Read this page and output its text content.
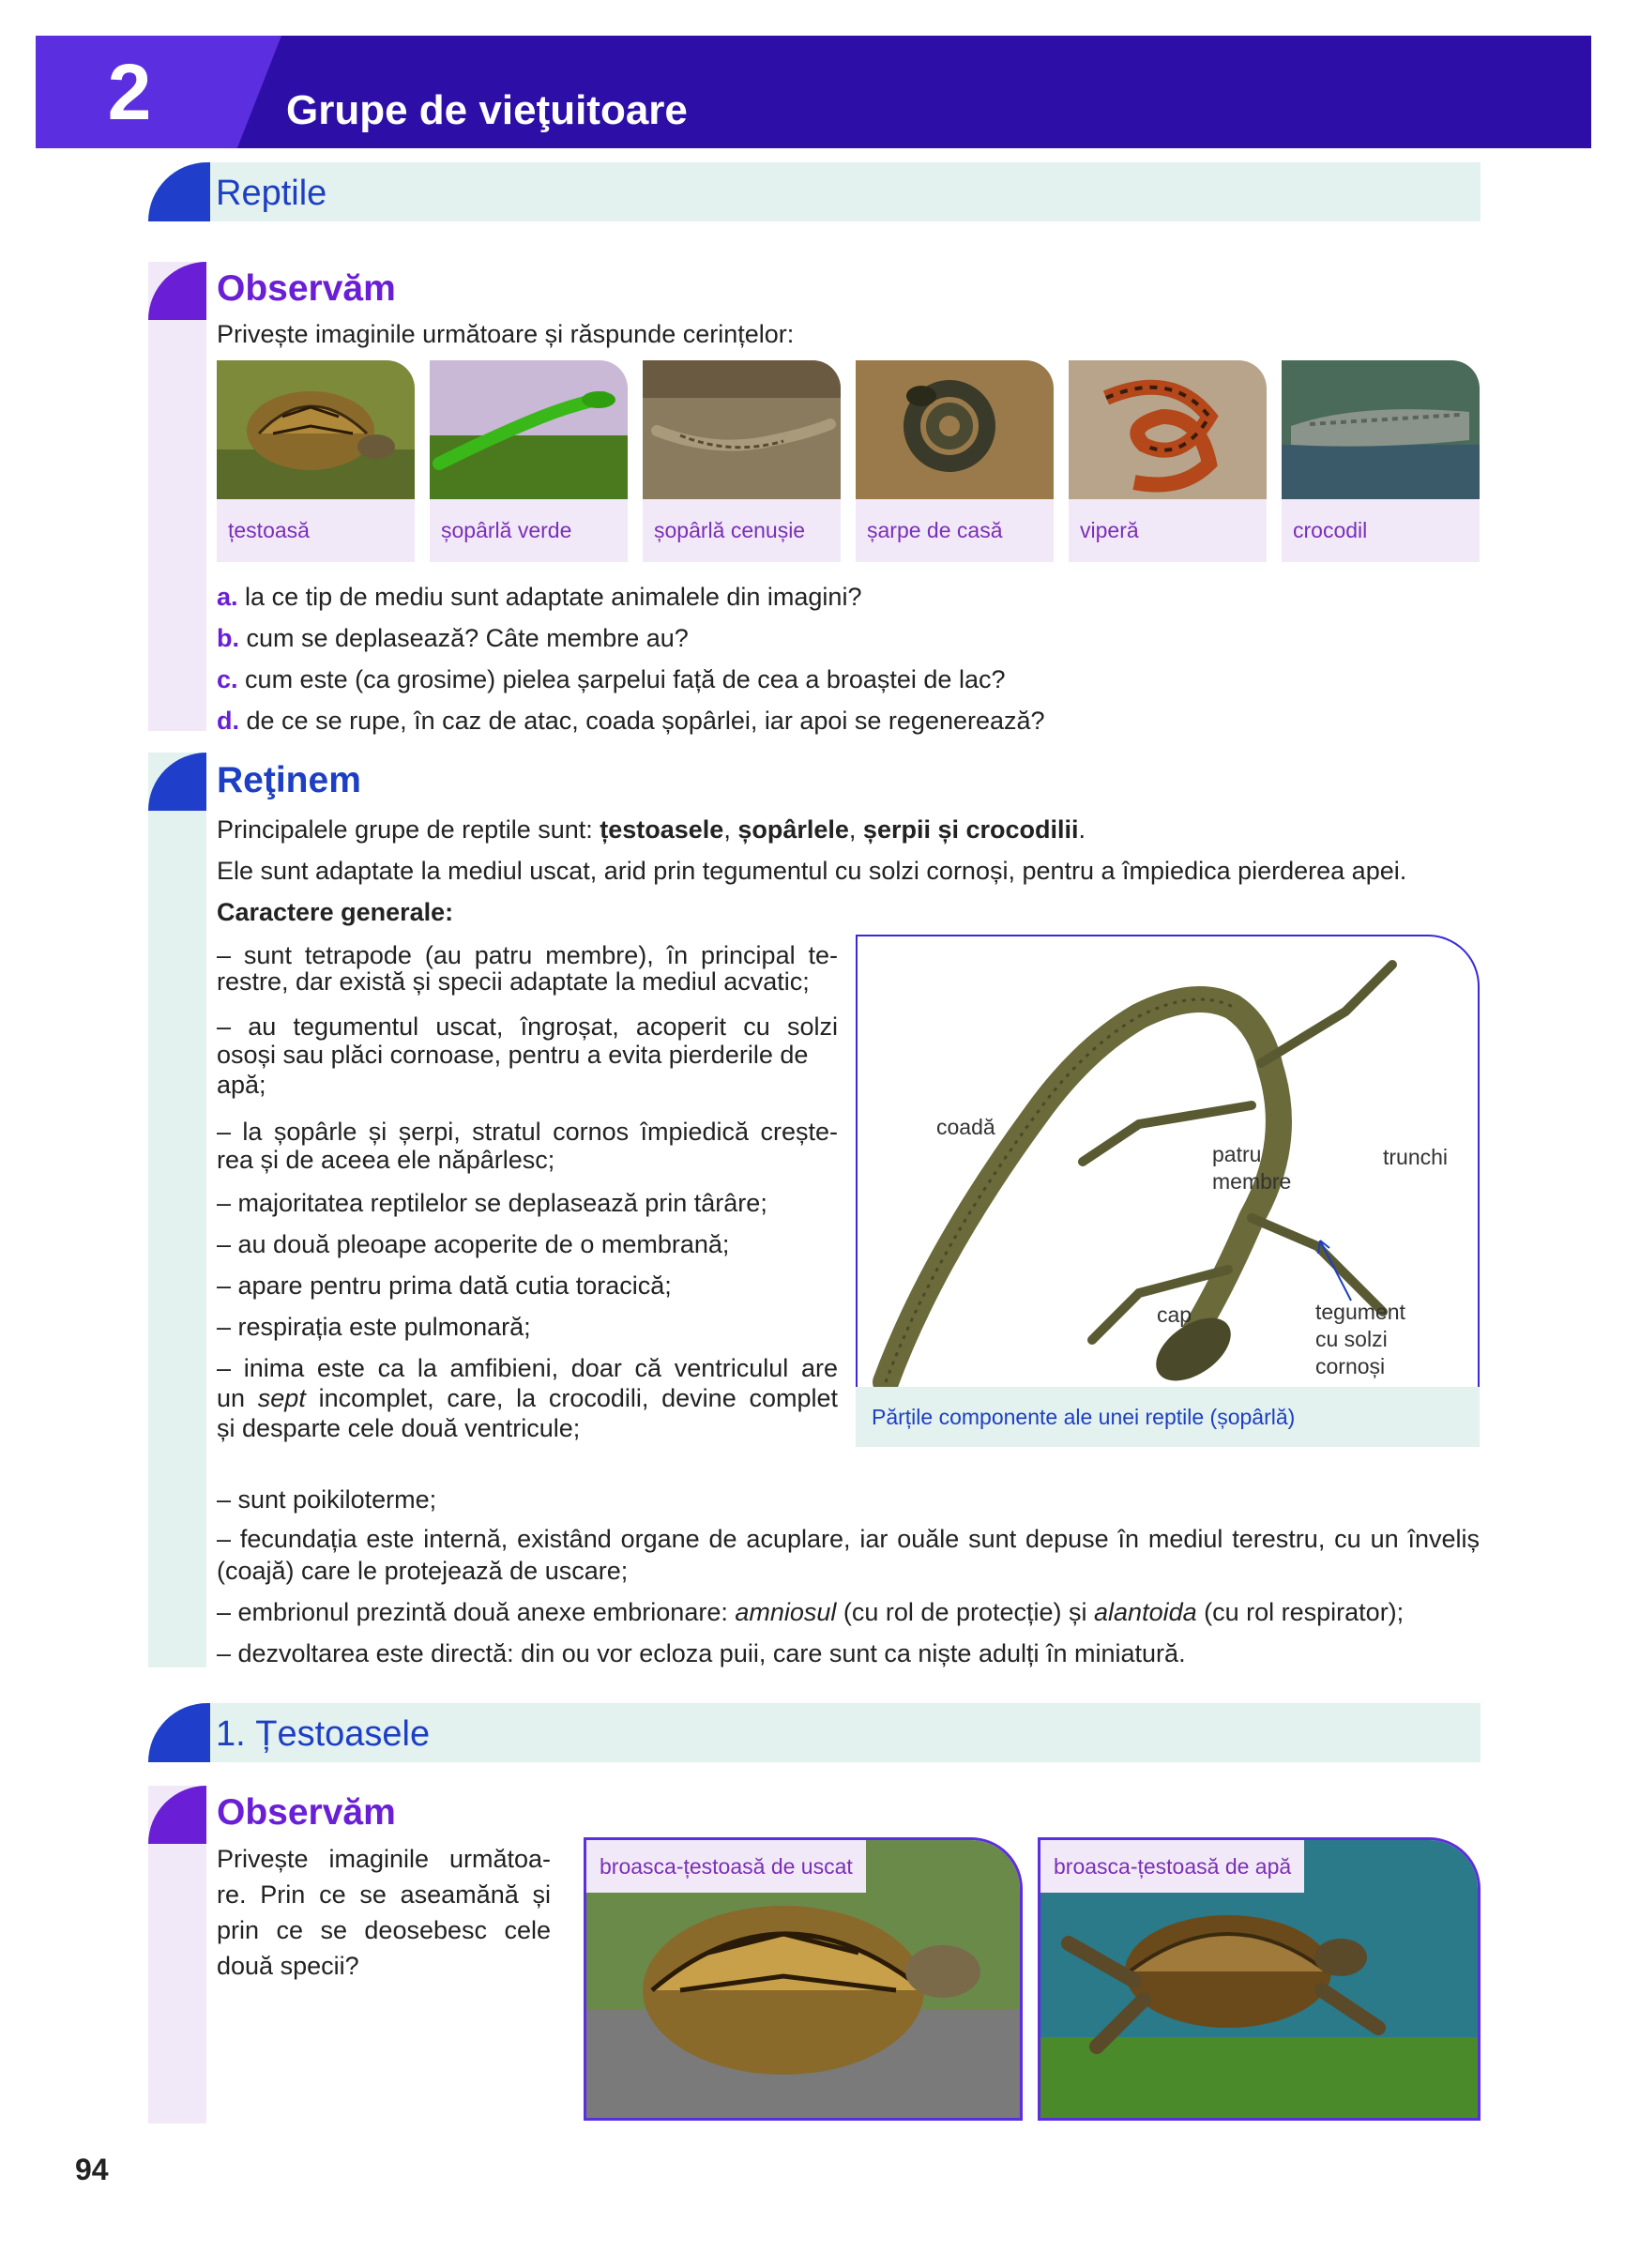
2	Grupe de vieţuitoare
Reptile
Observăm
Privește imaginile următoare și răspunde cerințelor:
țestoasă	șopârlă verde	șopârlă cenușie	șarpe de casă	viperă	crocodil
a. la ce tip de mediu sunt adaptate animalele din imagini?
b. cum se deplasează? Câte membre au?
c. cum este (ca grosime) pielea șarpelui față de cea a broaștei de lac?
d. de ce se rupe, în caz de atac, coada șopârlei, iar apoi se regenerează?
Reţinem
Principalele grupe de reptile sunt: țestoasele, șopârlele, șerpii și crocodilii.
Ele sunt adaptate la mediul uscat, arid prin tegumentul cu solzi cornoși, pentru a împiedica pierderea apei.
Caractere generale:
– sunt tetrapode (au patru membre), în principal te-
restre, dar există și specii adaptate la mediul acvatic;
– au tegumentul uscat, îngroșat, acoperit cu solzi
osoși sau plăci cornoase, pentru a evita pierderile de
apă;
– la șopârle și șerpi, stratul cornos împiedică crește-
rea și de aceea ele năpârlesc;
– majoritatea reptilelor se deplasează prin târâre;
– au două pleoape acoperite de o membrană;
– apare pentru prima dată cutia toracică;
– respirația este pulmonară;
– inima este ca la amfibieni, doar că ventriculul are
un sept incomplet, care, la crocodili, devine complet
și desparte cele două ventricule;
– sunt poikiloterme;
– fecundația este internă, existând organe de acuplare, iar ouăle sunt depuse în mediul terestru, cu un înveliș
(coajă) care le protejează de uscare;
– embrionul prezintă două anexe embrionare: amniosul (cu rol de protecție) și alantoida (cu rol respirator);
– dezvoltarea este directă: din ou vor ecloza puii, care sunt ca niște adulți în miniatură.
coadă
patru
membre
trunchi
cap	tegument
cu solzi
cornoși
Părțile componente ale unei reptile (șopârlă)
1. Țestoasele
Observăm
Privește imaginile următoa-
re. Prin ce se aseamănă și
prin ce se deosebesc cele
două specii?
broasca-țestoasă de uscat	broasca-țestoasă de apă
94
